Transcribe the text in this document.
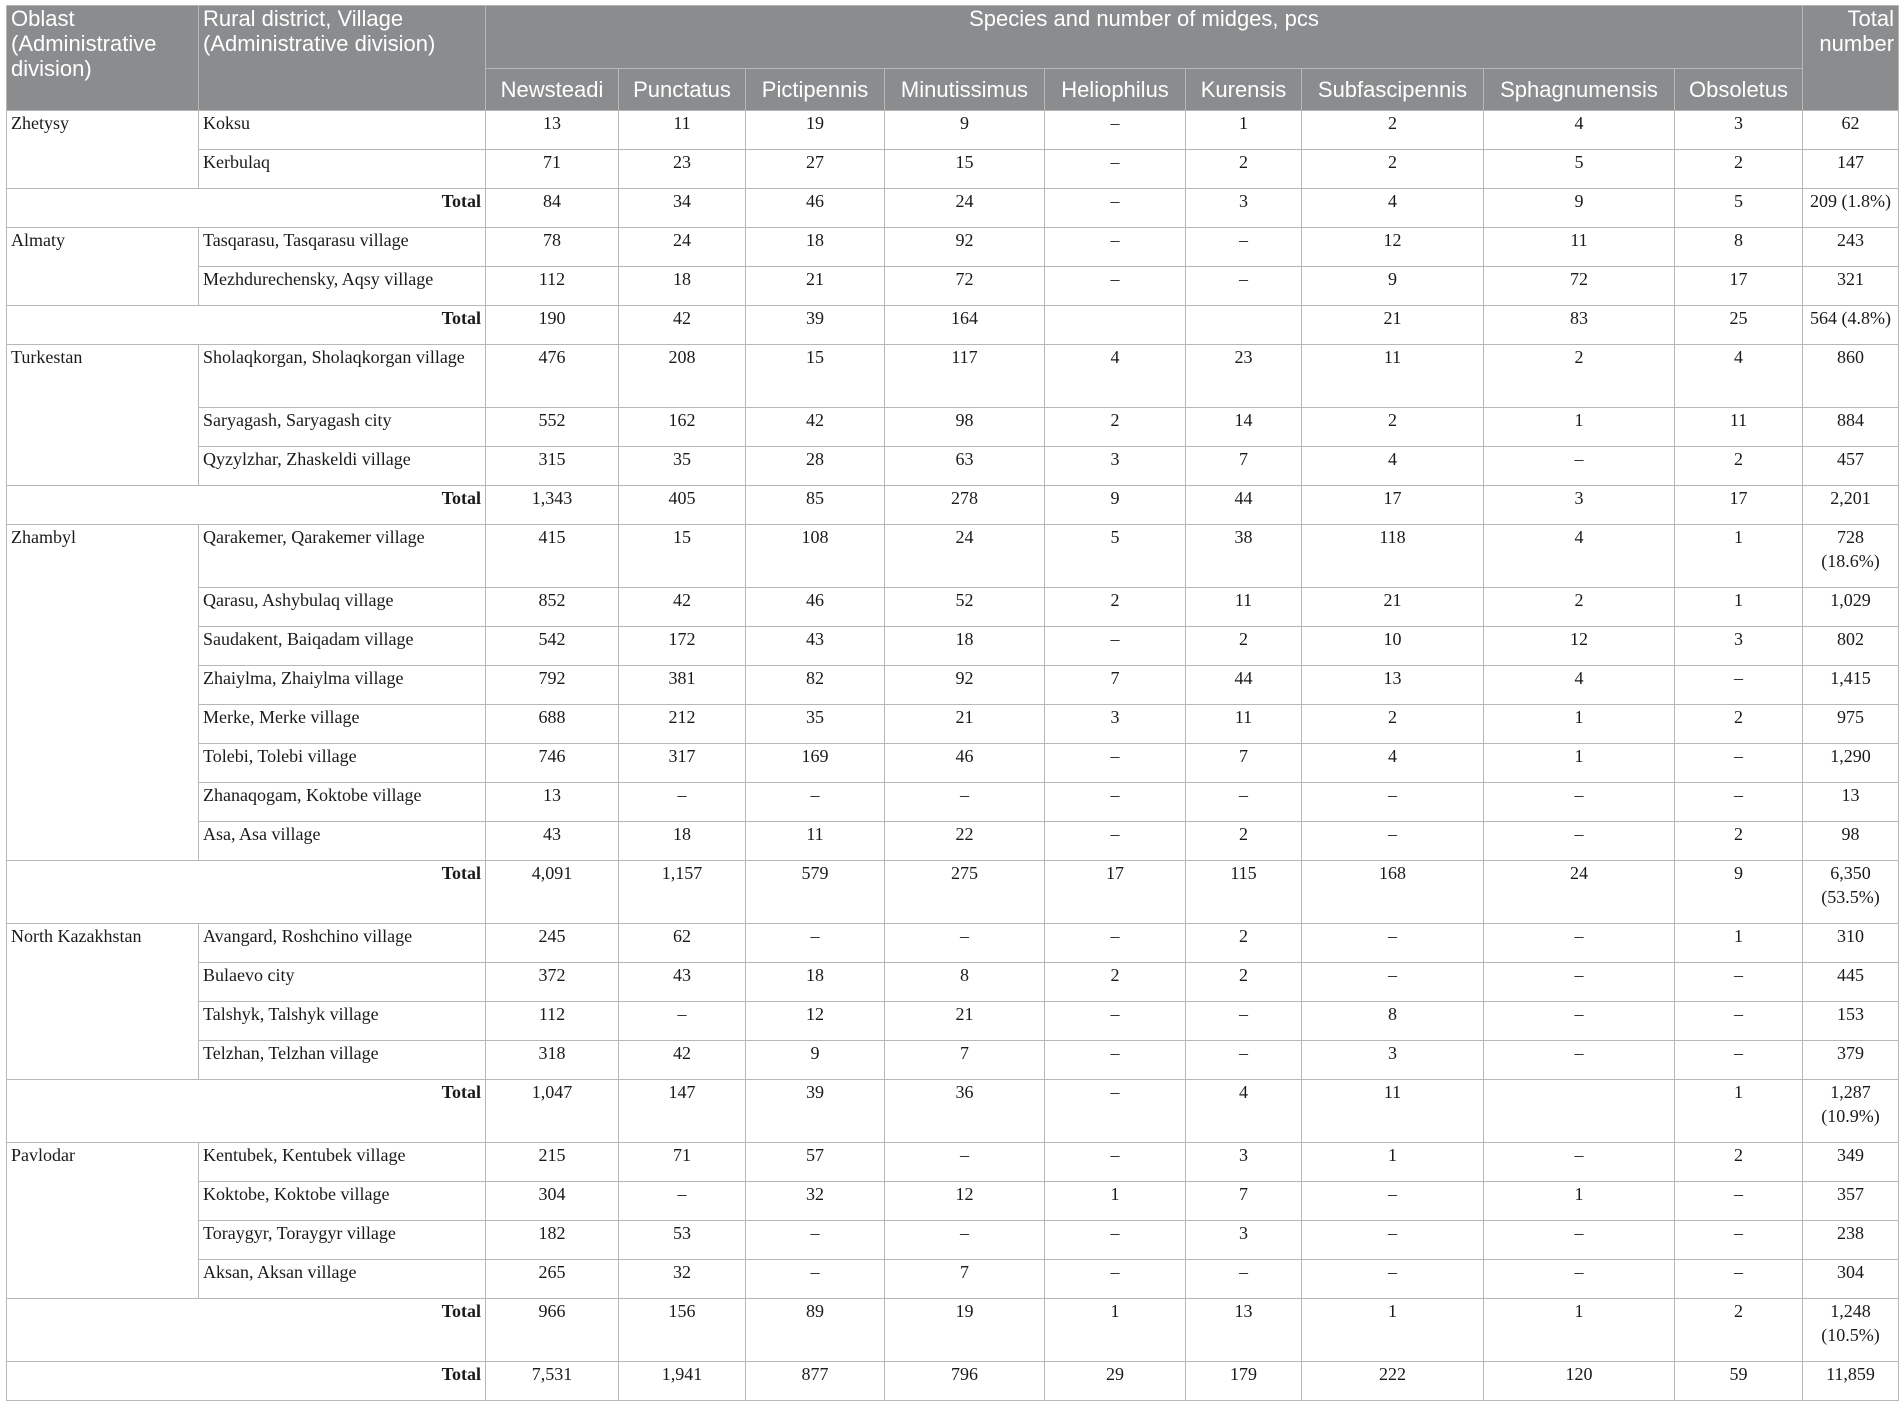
Oblast (Administrative division)	Rural district, Village (Administrative division)	Species and number of midges, pcs									Total number
		Newsteadi	Punctatus	Pictipennis	Minutissimus	Heliophilus	Kurensis	Subfascipennis	Sphagnumensis	Obsoletus	
Zhetysy	Koksu	13	11	19	9	–	1	2	4	3	62
	Kerbulaq	71	23	27	15	–	2	2	5	2	147
Total		84	34	46	24	–	3	4	9	5	209 (1.8%)
Almaty	Tasqarasu, Tasqarasu village	78	24	18	92	–	–	12	11	8	243
	Mezhdurechensky, Aqsy village	112	18	21	72	–	–	9	72	17	321
Total		190	42	39	164			21	83	25	564 (4.8%)
Turkestan	Sholaqkorgan, Sholaqkorgan village	476	208	15	117	4	23	11	2	4	860
	Saryagash, Saryagash city	552	162	42	98	2	14	2	1	11	884
	Qyzylzhar, Zhaskeldi village	315	35	28	63	3	7	4	–	2	457
Total		1,343	405	85	278	9	44	17	3	17	2,201
Zhambyl	Qarakemer, Qarakemer village	415	15	108	24	5	38	118	4	1	728 (18.6%)
	Qarasu, Ashybulaq village	852	42	46	52	2	11	21	2	1	1,029
	Saudakent, Baiqadam village	542	172	43	18	–	2	10	12	3	802
	Zhaiylma, Zhaiylma village	792	381	82	92	7	44	13	4	–	1,415
	Merke, Merke village	688	212	35	21	3	11	2	1	2	975
	Tolebi, Tolebi village	746	317	169	46	–	7	4	1	–	1,290
	Zhanaqogam, Koktobe village	13	–	–	–	–	–	–	–	–	13
	Asa, Asa village	43	18	11	22	–	2	–	–	2	98
Total		4,091	1,157	579	275	17	115	168	24	9	6,350 (53.5%)
North Kazakhstan	Avangard, Roshchino village	245	62	–	–	–	2	–	–	1	310
	Bulaevo city	372	43	18	8	2	2	–	–	–	445
	Talshyk, Talshyk village	112	–	12	21	–	–	8	–	–	153
	Telzhan, Telzhan village	318	42	9	7	–	–	3	–	–	379
Total		1,047	147	39	36	–	4	11		1	1,287 (10.9%)
Pavlodar	Kentubek, Kentubek village	215	71	57	–	–	3	1	–	2	349
	Koktobe, Koktobe village	304	–	32	12	1	7	–	1	–	357
	Toraygyr, Toraygyr village	182	53	–	–	–	3	–	–	–	238
	Aksan, Aksan village	265	32	–	7	–	–	–	–	–	304
Total		966	156	89	19	1	13	1	1	2	1,248 (10.5%)
Total		7,531	1,941	877	796	29	179	222	120	59	11,859
